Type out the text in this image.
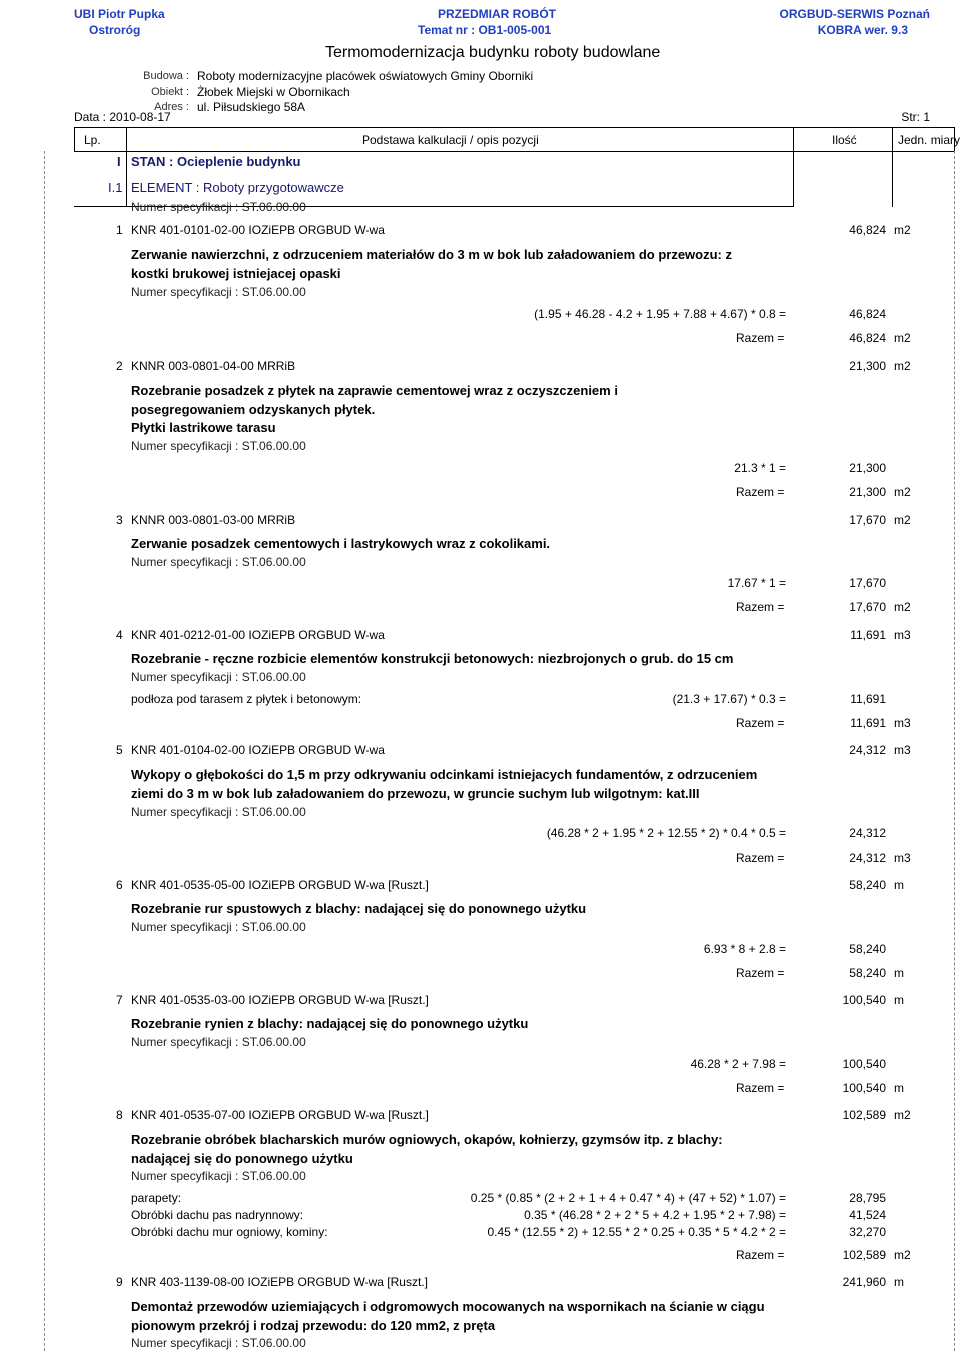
UBI Piotr Pupka
Ostroróg
PRZEDMIAR ROBÓT
Temat nr : OB1-005-001
ORGBUD-SERWIS Poznań
KOBRA wer. 9.3
Termomodernizacja budynku roboty budowlane
Budowa : Roboty modernizacyjne placówek oświatowych Gminy Oborniki
Obiekt : Żłobek Miejski w Obornikach
Adres : ul. Piłsudskiego 58A
Data : 2010-08-17	Str: 1
Lp.	Podstawa kalkulacji / opis pozycji	Ilość	Jedn. miary
I STAN : Ocieplenie budynku
I.1 ELEMENT : Roboty przygotowawcze
Numer specyfikacji : ST.06.00.00
1 KNR 401-0101-02-00 IOZiEPB ORGBUD W-wa	46,824 m2
Zerwanie nawierzchni, z odrzuceniem materiałów do 3 m w bok lub załadowaniem do przewozu: z kostki brukowej istniejacej opaski
Numer specyfikacji : ST.06.00.00
(1.95 + 46.28 - 4.2 + 1.95 + 7.88 + 4.67) * 0.8 =	46,824
Razem =	46,824 m2
2 KNNR 003-0801-04-00 MRRiB	21,300 m2
Rozebranie posadzek z płytek na zaprawie cementowej wraz z oczyszczeniem i posegregowaniem odzyskanych płytek.
Płytki lastrikowe tarasu
Numer specyfikacji : ST.06.00.00
21.3 * 1 =	21,300
Razem =	21,300 m2
3 KNNR 003-0801-03-00 MRRiB	17,670 m2
Zerwanie posadzek cementowych i lastrykowych wraz z cokolikami.
Numer specyfikacji : ST.06.00.00
17.67 * 1 =	17,670
Razem =	17,670 m2
4 KNR 401-0212-01-00 IOZiEPB ORGBUD W-wa	11,691 m3
Rozebranie - ręczne rozbicie elementów konstrukcji betonowych: niezbrojonych o grub. do 15 cm
Numer specyfikacji : ST.06.00.00
podłoza pod tarasem z płytek i betonowym:	(21.3 + 17.67) * 0.3 =	11,691
Razem =	11,691 m3
5 KNR 401-0104-02-00 IOZiEPB ORGBUD W-wa	24,312 m3
Wykopy o głębokości do 1,5 m przy odkrywaniu odcinkami istniejacych fundamentów, z odrzuceniem ziemi do 3 m w bok lub załadowaniem do przewozu, w gruncie suchym lub wilgotnym: kat.III
Numer specyfikacji : ST.06.00.00
(46.28 * 2 + 1.95 * 2 + 12.55 * 2) * 0.4 * 0.5 =	24,312
Razem =	24,312 m3
6 KNR 401-0535-05-00 IOZiEPB ORGBUD W-wa [Ruszt.]	58,240 m
Rozebranie rur spustowych z blachy: nadającej się do ponownego użytku
Numer specyfikacji : ST.06.00.00
6.93 * 8 + 2.8 =	58,240
Razem =	58,240 m
7 KNR 401-0535-03-00 IOZiEPB ORGBUD W-wa [Ruszt.]	100,540 m
Rozebranie rynien z blachy: nadającej się do ponownego użytku
Numer specyfikacji : ST.06.00.00
46.28 * 2 + 7.98 =	100,540
Razem =	100,540 m
8 KNR 401-0535-07-00 IOZiEPB ORGBUD W-wa [Ruszt.]	102,589 m2
Rozebranie obróbek blacharskich murów ogniowych, okapów, kołnierzy, gzymsów itp. z blachy: nadającej się do ponownego użytku
Numer specyfikacji : ST.06.00.00
parapety:	0.25 * (0.85 * (2 + 2 + 1 + 4 + 0.47 * 4) + (47 + 52) * 1.07) =	28,795
Obróbki dachu pas nadrynnowy:	0.35 * (46.28 * 2 + 2 * 5 + 4.2 + 1.95 * 2 + 7.98) =	41,524
Obróbki dachu mur ogniowy, kominy:	0.45 * (12.55 * 2) + 12.55 * 2 * 0.25 + 0.35 * 5 * 4.2 * 2 =	32,270
Razem =	102,589 m2
9 KNR 403-1139-08-00 IOZiEPB ORGBUD W-wa [Ruszt.]	241,960 m
Demontaż przewodów uziemiających i odgromowych mocowanych na wspornikach na ścianie w ciągu pionowym przekrój i rodzaj przewodu: do 120 mm2, z pręta
Numer specyfikacji : ST.06.00.00
